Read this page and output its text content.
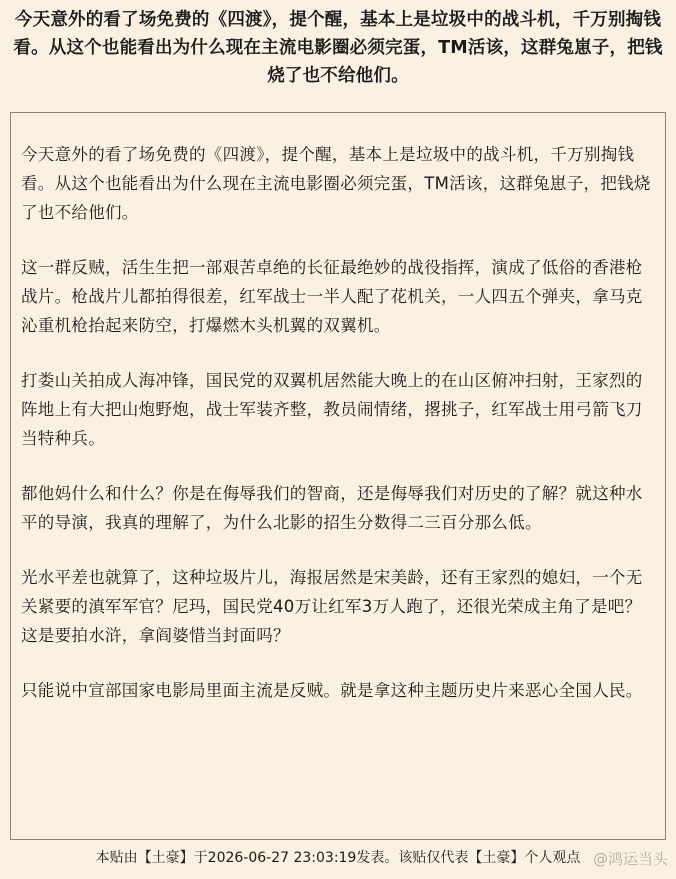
今天意外的看了场免费的《四渡》，提个醒，基本上是垃圾中的战斗机，千万别掏钱看。从这个也能看出为什么现在主流电影圈必须完蛋，TM活该，这群兔崽子，把钱烧了也不给他们。

今天意外的看了场免费的《四渡》，提个醒，基本上是垃圾中的战斗机，千万别掏钱看。从这个也能看出为什么现在主流电影圈必须完蛋，TM活该，这群兔崽子，把钱烧了也不给他们。

这一群反贼，活生生把一部艰苦卓绝的长征最绝妙的战役指挥，演成了低俗的香港枪战片。枪战片儿都拍得很差，红军战士一半人配了花机关，一人四五个弹夹，拿马克沁重机枪抬起来防空，打爆燃木头机翼的双翼机。

打娄山关拍成人海冲锋，国民党的双翼机居然能大晚上的在山区俯冲扫射，王家烈的阵地上有大把山炮野炮，战士军装齐整，教员闹情绪，撂挑子，红军战士用弓箭飞刀当特种兵。

都他妈什么和什么？你是在侮辱我们的智商，还是侮辱我们对历史的了解？就这种水平的导演，我真的理解了，为什么北影的招生分数得二三百分那么低。

光水平差也就算了，这种垃圾片儿，海报居然是宋美龄，还有王家烈的媳妇，一个无关紧要的滇军军官？尼玛，国民党40万让红军3万人跑了，还很光荣成主角了是吧？这是要拍水浒，拿阎婆惜当封面吗？

只能说中宣部国家电影局里面主流是反贼。就是拿这种主题历史片来恶心全国人民。

本贴由【土豪】于2026-06-27 23:03:19发表。该贴仅代表【土豪】个人观点 @鸿运当头
